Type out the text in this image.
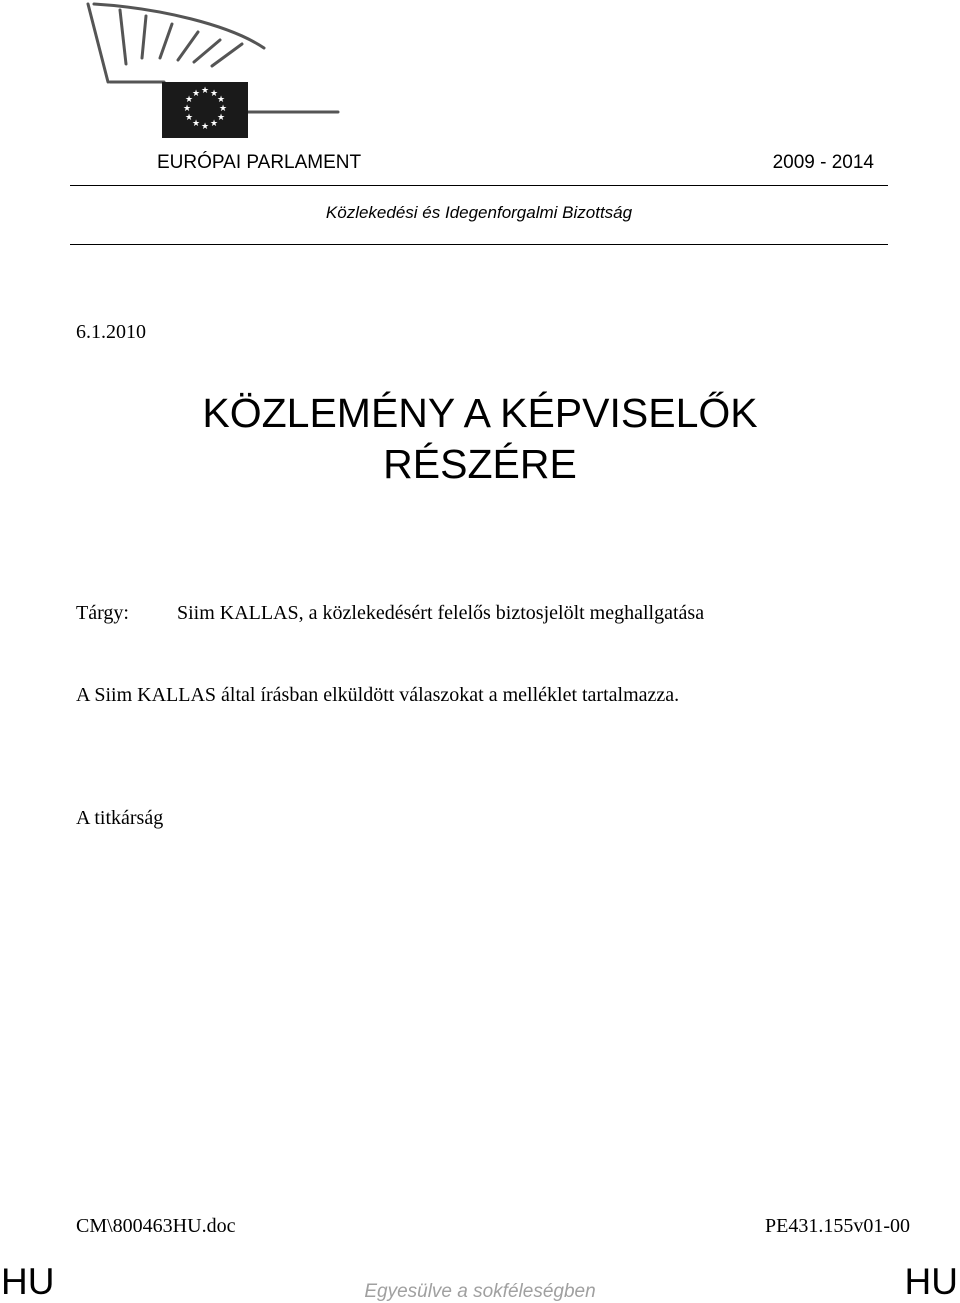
★ ★
★
★
★
★
★
★
★
★
★
★
EURÓPAI PARLAMENT	2009 - 2014
Közlekedési és Idegenforgalmi Bizottság
6.1.2010
KÖZLEMÉNY A KÉPVISELŐK
RÉSZÉRE
Tárgy: Siim KALLAS, a közlekedésért felelős biztosjelölt meghallgatása
A Siim KALLAS által írásban elküldött válaszokat a melléklet tartalmazza.
A titkárság
CM\800463HU.doc	PE431.155v01-00
HU	Egyesülve a sokféleségben	HU
